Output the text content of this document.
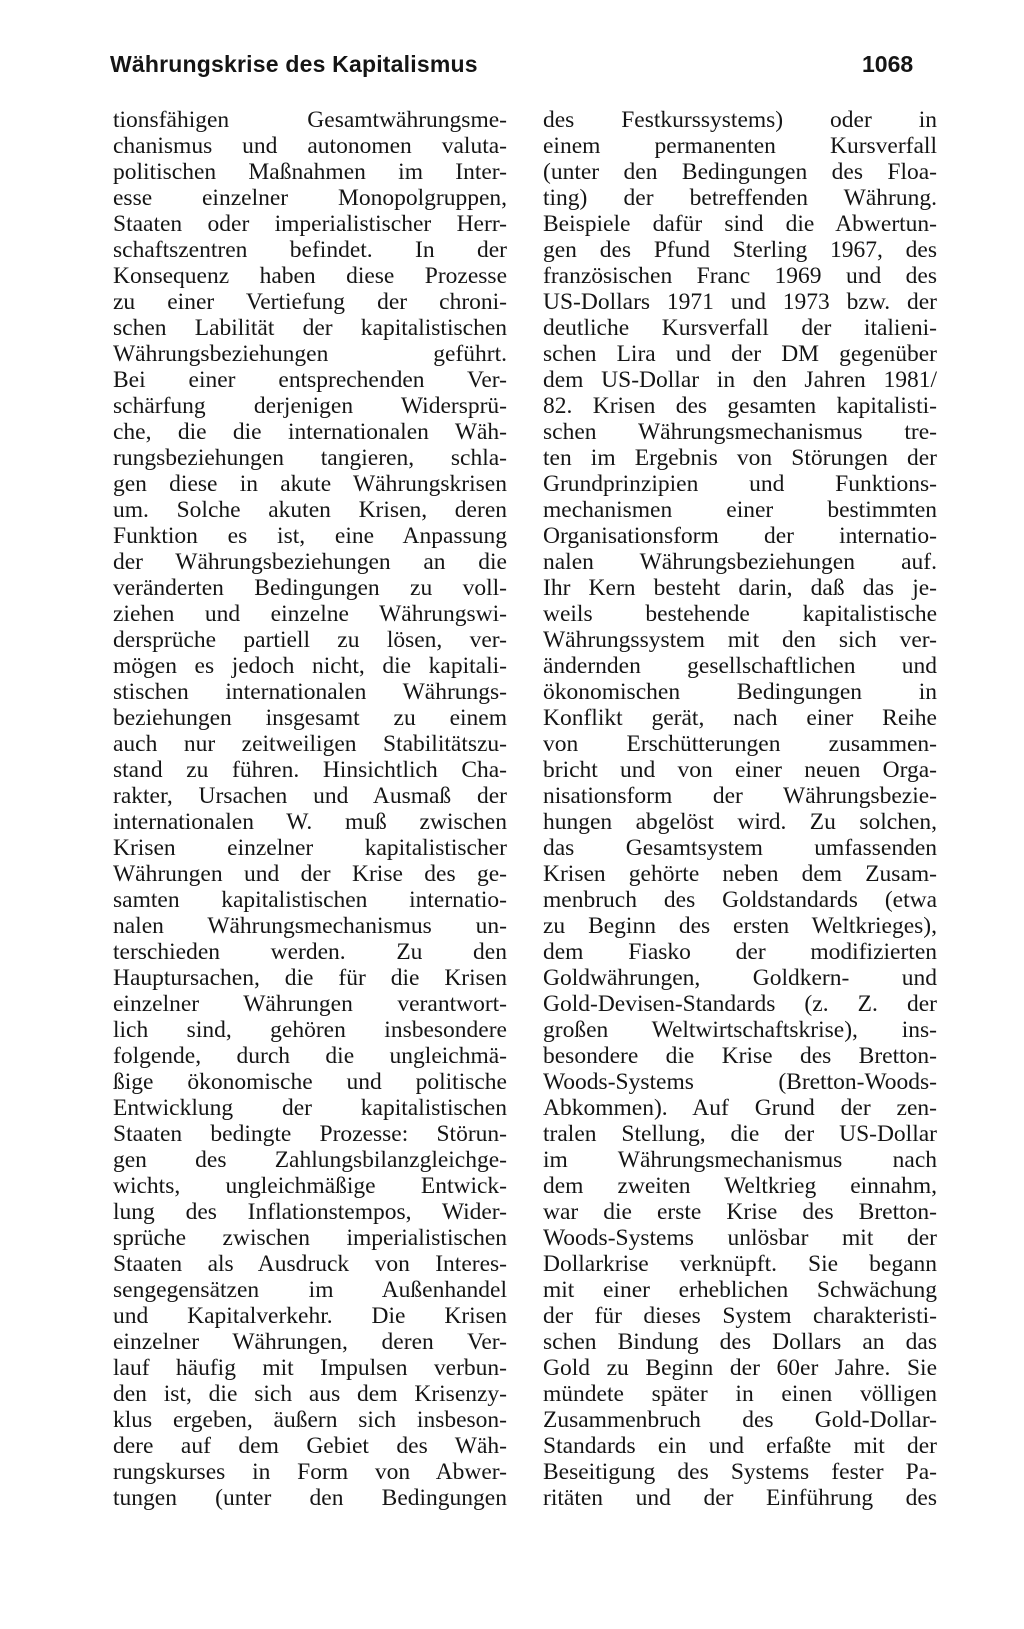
Währungskrise des Kapitalismus	1068
tionsfähigen Gesamtwährungsme-
chanismus und autonomen valuta-
politischen Maßnahmen im Inter-
esse einzelner Monopolgruppen,
Staaten oder imperialistischer Herr-
schaftszentren befindet. In der
Konsequenz haben diese Prozesse
zu einer Vertiefung der chroni-
schen Labilität der kapitalistischen
Währungsbeziehungen geführt.
Bei einer entsprechenden Ver-
schärfung derjenigen Widersprü-
che, die die internationalen Wäh-
rungsbeziehungen tangieren, schla-
gen diese in akute Währungskrisen
um. Solche akuten Krisen, deren
Funktion es ist, eine Anpassung
der Währungsbeziehungen an die
veränderten Bedingungen zu voll-
ziehen und einzelne Währungswi-
dersprüche partiell zu lösen, ver-
mögen es jedoch nicht, die kapitali-
stischen internationalen Währungs-
beziehungen insgesamt zu einem
auch nur zeitweiligen Stabilitätszu-
stand zu führen. Hinsichtlich Cha-
rakter, Ursachen und Ausmaß der
internationalen W. muß zwischen
Krisen einzelner kapitalistischer
Währungen und der Krise des ge-
samten kapitalistischen internatio-
nalen Währungsmechanismus un-
terschieden werden. Zu den
Hauptursachen, die für die Krisen
einzelner Währungen verantwort-
lich sind, gehören insbesondere
folgende, durch die ungleichmä-
ßige ökonomische und politische
Entwicklung der kapitalistischen
Staaten bedingte Prozesse: Störun-
gen des Zahlungsbilanzgleichge-
wichts, ungleichmäßige Entwick-
lung des Inflationstempos, Wider-
sprüche zwischen imperialistischen
Staaten als Ausdruck von Interes-
sengegensätzen im Außenhandel
und Kapitalverkehr. Die Krisen
einzelner Währungen, deren Ver-
lauf häufig mit Impulsen verbun-
den ist, die sich aus dem Krisenzy-
klus ergeben, äußern sich insbeson-
dere auf dem Gebiet des Wäh-
rungskurses in Form von Abwer-
tungen (unter den Bedingungen
des Festkurssystems) oder in
einem permanenten Kursverfall
(unter den Bedingungen des Floa-
ting) der betreffenden Währung.
Beispiele dafür sind die Abwertun-
gen des Pfund Sterling 1967, des
französischen Franc 1969 und des
US-Dollars 1971 und 1973 bzw. der
deutliche Kursverfall der italieni-
schen Lira und der DM gegenüber
dem US-Dollar in den Jahren 1981/
82. Krisen des gesamten kapitalisti-
schen Währungsmechanismus tre-
ten im Ergebnis von Störungen der
Grundprinzipien und Funktions-
mechanismen einer bestimmten
Organisationsform der internatio-
nalen Währungsbeziehungen auf.
Ihr Kern besteht darin, daß das je-
weils bestehende kapitalistische
Währungssystem mit den sich ver-
ändernden gesellschaftlichen und
ökonomischen Bedingungen in
Konflikt gerät, nach einer Reihe
von Erschütterungen zusammen-
bricht und von einer neuen Orga-
nisationsform der Währungsbezie-
hungen abgelöst wird. Zu solchen,
das Gesamtsystem umfassenden
Krisen gehörte neben dem Zusam-
menbruch des Goldstandards (etwa
zu Beginn des ersten Weltkrieges),
dem Fiasko der modifizierten
Goldwährungen, Goldkern- und
Gold-Devisen-Standards (z. Z. der
großen Weltwirtschaftskrise), ins-
besondere die Krise des Bretton-
Woods-Systems (Bretton-Woods-
Abkommen). Auf Grund der zen-
tralen Stellung, die der US-Dollar
im Währungsmechanismus nach
dem zweiten Weltkrieg einnahm,
war die erste Krise des Bretton-
Woods-Systems unlösbar mit der
Dollarkrise verknüpft. Sie begann
mit einer erheblichen Schwächung
der für dieses System charakteristi-
schen Bindung des Dollars an das
Gold zu Beginn der 60er Jahre. Sie
mündete später in einen völligen
Zusammenbruch des Gold-Dollar-
Standards ein und erfaßte mit der
Beseitigung des Systems fester Pa-
ritäten und der Einführung des
